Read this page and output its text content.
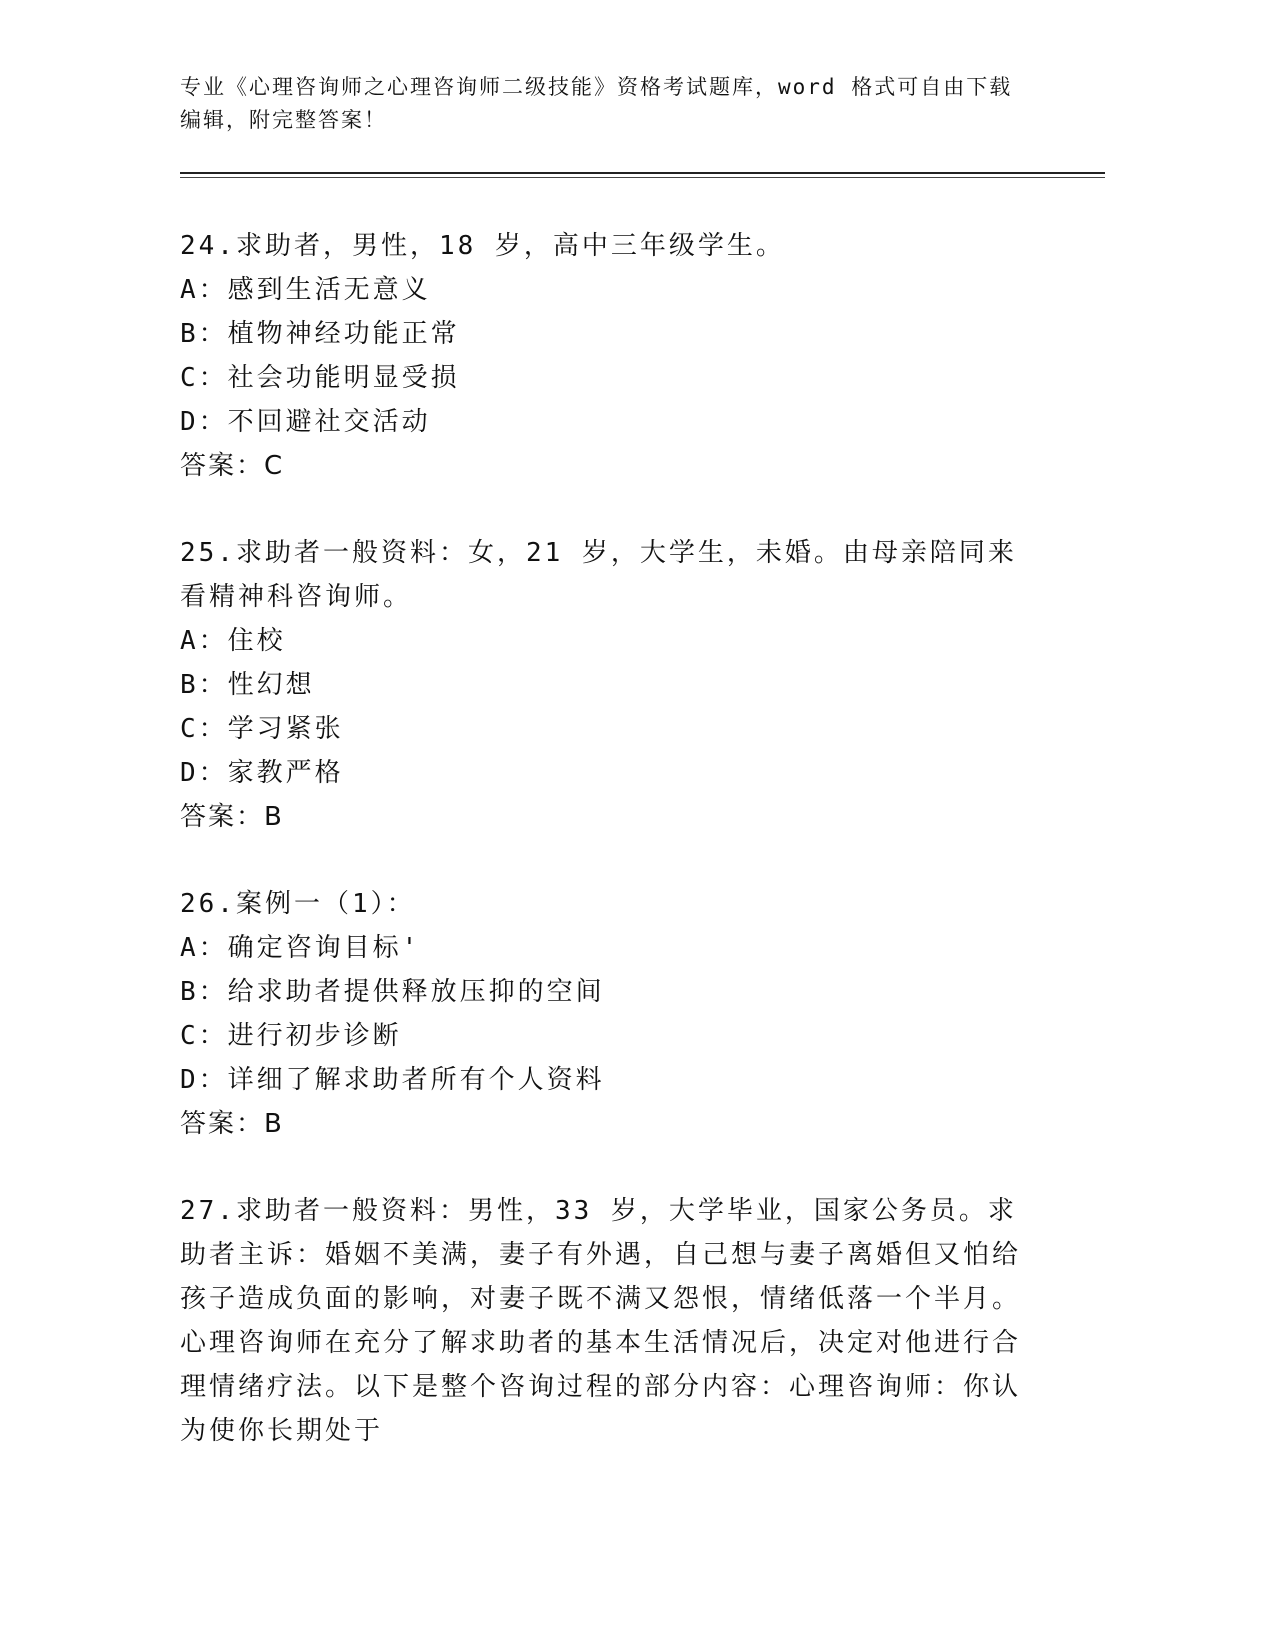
专业《心理咨询师之心理咨询师二级技能》资格考试题库，word 格式可自由下载
编辑，附完整答案！
24.求助者，男性，18 岁，高中三年级学生。
A：感到生活无意义
B：植物神经功能正常
C：社会功能明显受损
D：不回避社交活动
答案：C
25.求助者一般资料：女，21 岁，大学生，未婚。由母亲陪同来看精神科咨询师。
A：住校
B：性幻想
C：学习紧张
D：家教严格
答案：B
26.案例一（1）：
A：确定咨询目标'
B：给求助者提供释放压抑的空间
C：进行初步诊断
D：详细了解求助者所有个人资料
答案：B
27.求助者一般资料：男性，33 岁，大学毕业，国家公务员。求助者主诉：婚姻不美满，妻子有外遇，自己想与妻子离婚但又怕给孩子造成负面的影响，对妻子既不满又怨恨，情绪低落一个半月。心理咨询师在充分了解求助者的基本生活情况后，决定对他进行合理情绪疗法。以下是整个咨询过程的部分内容：心理咨询师：你认为使你长期处于
